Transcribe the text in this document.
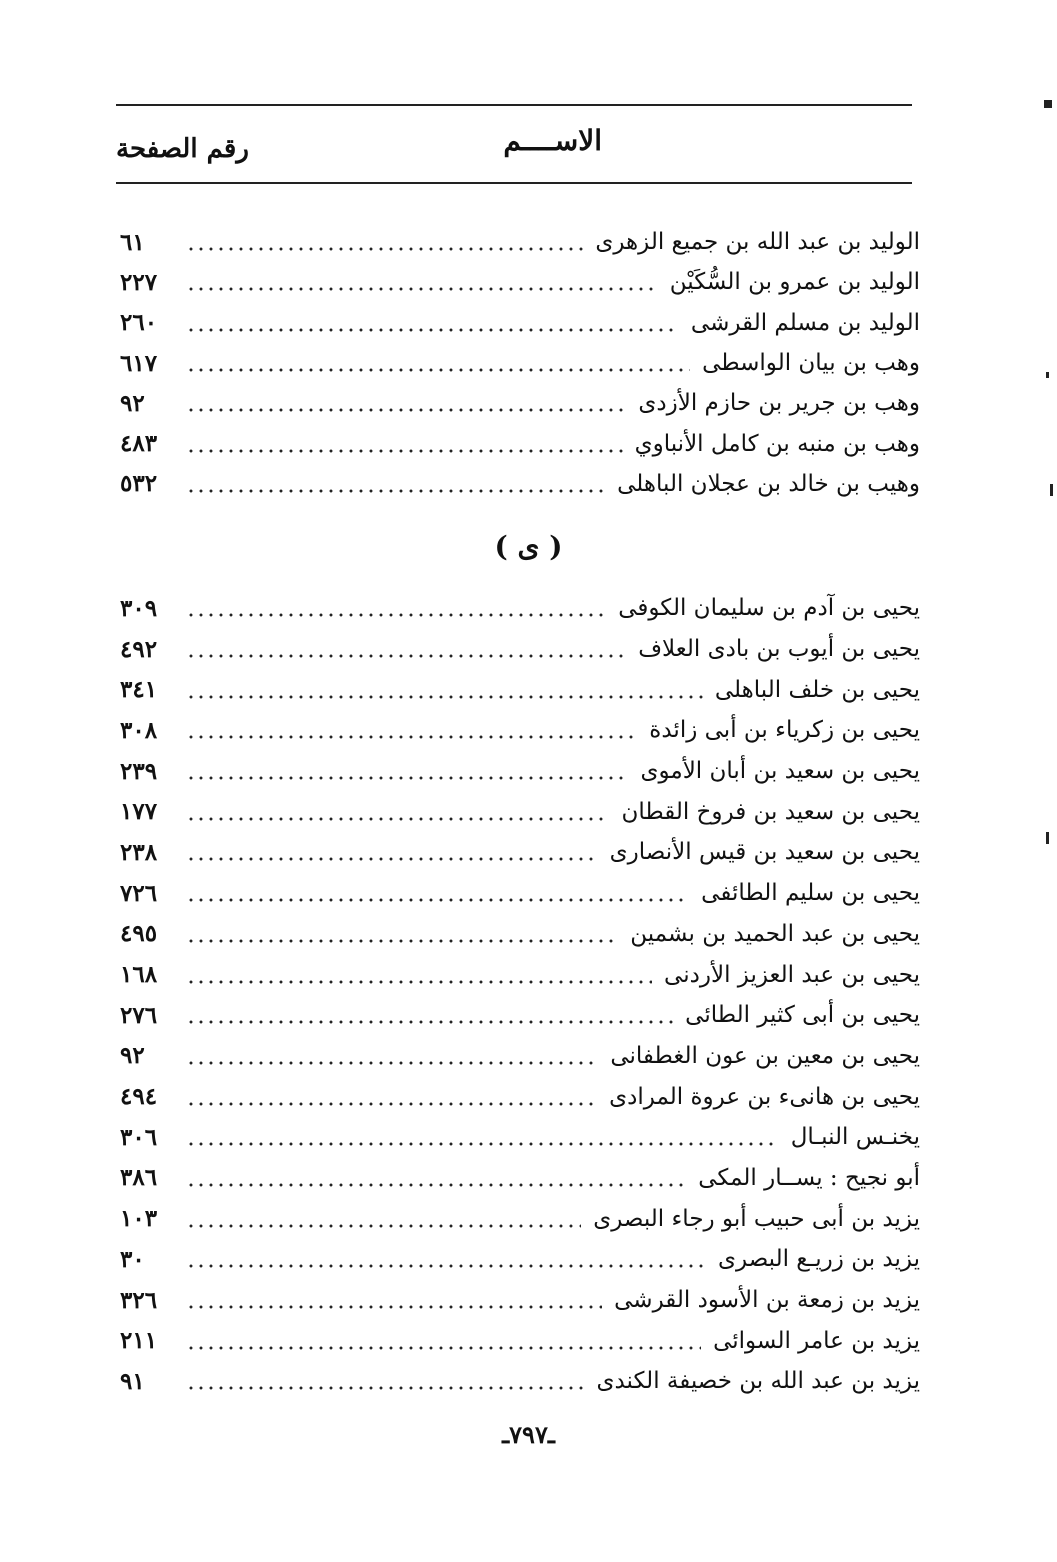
الاســــم
رقم الصفحة
الوليد بن عبد الله بن جميع الزهرى
٦١
الوليد بن عمرو بن السُّكَيْن
٢٢٧
الوليد بن مسلم القرشى
٢٦٠
وهب بن بيان الواسطى
٦١٧
وهب بن جرير بن حازم الأزدى
٩٢
وهب بن منبه بن كامل الأنباوي
٤٨٣
وهيب بن خالد بن عجلان الباهلى
٥٣٢
( ى )
يحيى بن آدم بن سليمان الكوفى
٣٠٩
يحيى بن أيوب بن بادى العلاف
٤٩٢
يحيى بن خلف الباهلى
٣٤١
يحيى بن زكرياء بن أبى زائدة
٣٠٨
يحيى بن سعيد بن أبان الأموى
٢٣٩
يحيى بن سعيد بن فروخ القطان
١٧٧
يحيى بن سعيد بن قيس الأنصارى
٢٣٨
يحيى بن سليم الطائفى
٧٢٦
يحيى بن عبد الحميد بن بشمين
٤٩٥
يحيى بن عبد العزيز الأردنى
١٦٨
يحيى بن أبى كثير الطائى
٢٧٦
يحيى بن معين بن عون الغطفانى
٩٢
يحيى بن هانىء بن عروة المرادى
٤٩٤
يخنـس النبـال
٣٠٦
أبو نجيح : يســار المكى
٣٨٦
يزيد بن أبى حبيب أبو رجاء البصرى
١٠٣
يزيد بن زريـع البصرى
٣٠
يزيد بن زمعة بن الأسود القرشى
٣٢٦
يزيد بن عامر السوائى
٢١١
يزيد بن عبد الله بن خصيفة الكندى
٩١
ـ٧٩٧ـ
